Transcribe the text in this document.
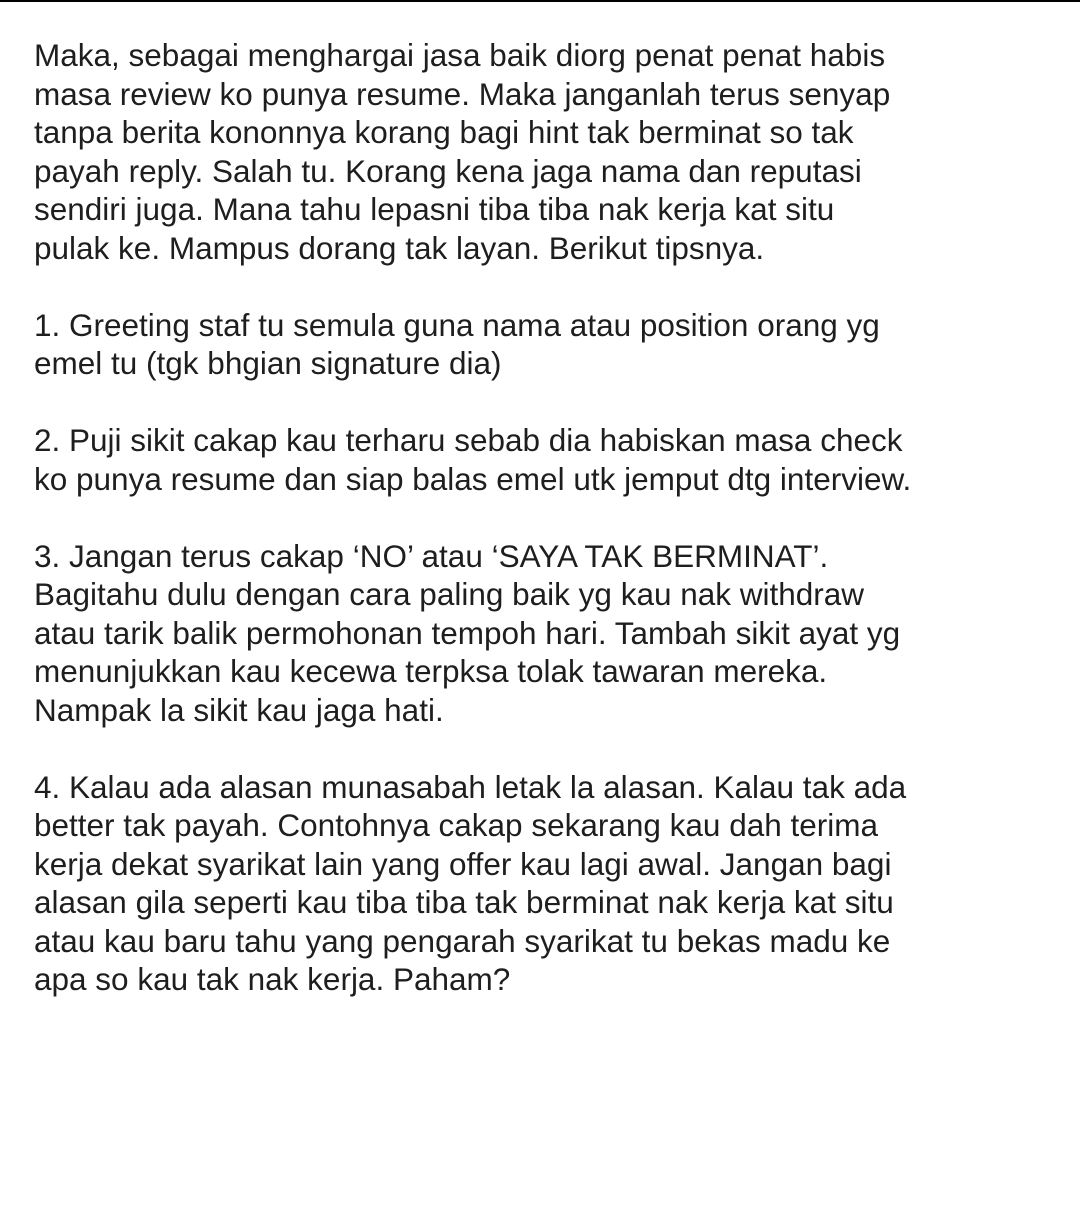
Maka, sebagai menghargai jasa baik diorg penat penat habis
masa review ko punya resume. Maka janganlah terus senyap
tanpa berita kononnya korang bagi hint tak berminat so tak
payah reply. Salah tu. Korang kena jaga nama dan reputasi
sendiri juga. Mana tahu lepasni tiba tiba nak kerja kat situ
pulak ke. Mampus dorang tak layan. Berikut tipsnya.
1. Greeting staf tu semula guna nama atau position orang yg
emel tu (tgk bhgian signature dia)
2. Puji sikit cakap kau terharu sebab dia habiskan masa check
ko punya resume dan siap balas emel utk jemput dtg interview.
3. Jangan terus cakap ‘NO’ atau ‘SAYA TAK BERMINAT’.
Bagitahu dulu dengan cara paling baik yg kau nak withdraw
atau tarik balik permohonan tempoh hari. Tambah sikit ayat yg
menunjukkan kau kecewa terpksa tolak tawaran mereka.
Nampak la sikit kau jaga hati.
4. Kalau ada alasan munasabah letak la alasan. Kalau tak ada
better tak payah. Contohnya cakap sekarang kau dah terima
kerja dekat syarikat lain yang offer kau lagi awal. Jangan bagi
alasan gila seperti kau tiba tiba tak berminat nak kerja kat situ
atau kau baru tahu yang pengarah syarikat tu bekas madu ke
apa so kau tak nak kerja. Paham?
